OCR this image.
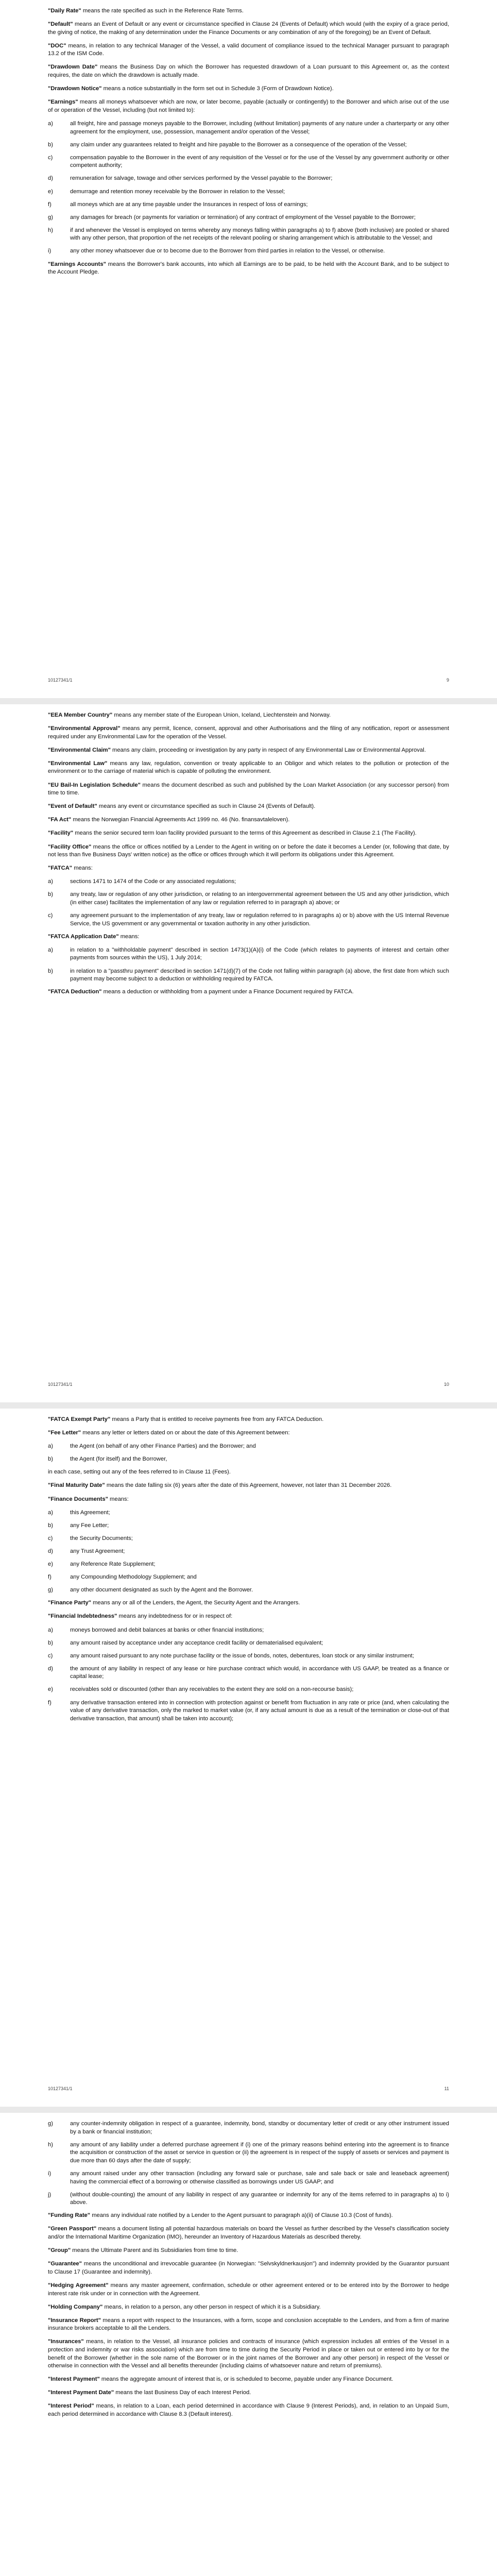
"Daily Rate" means the rate specified as such in the Reference Rate Terms.

"Default" means an Event of Default or any event or circumstance specified in Clause 24 (Events of Default) which would (with the expiry of a grace period, the giving of notice, the making of any determination under the Finance Documents or any combination of any of the foregoing) be an Event of Default.

"DOC" means, in relation to any technical Manager of the Vessel, a valid document of compliance issued to the technical Manager pursuant to paragraph 13.2 of the ISM Code.

"Drawdown Date" means the Business Day on which the Borrower has requested drawdown of a Loan pursuant to this Agreement or, as the context requires, the date on which the drawdown is actually made.

"Drawdown Notice" means a notice substantially in the form set out in Schedule 3 (Form of Drawdown Notice).

"Earnings" means all moneys whatsoever which are now, or later become, payable (actually or contingently) to the Borrower and which arise out of the use of or operation of the Vessel, including (but not limited to):

a)	all freight, hire and passage moneys payable to the Borrower, including (without limitation) payments of any nature under a charterparty or any other agreement for the employment, use, possession, management and/or operation of the Vessel;
b)	any claim under any guarantees related to freight and hire payable to the Borrower as a consequence of the operation of the Vessel;
c)	compensation payable to the Borrower in the event of any requisition of the Vessel or for the use of the Vessel by any government authority or other competent authority;
d)	remuneration for salvage, towage and other services performed by the Vessel payable to the Borrower;
e)	demurrage and retention money receivable by the Borrower in relation to the Vessel;
f)	all moneys which are at any time payable under the Insurances in respect of loss of earnings;
g)	any damages for breach (or payments for variation or termination) of any contract of employment of the Vessel payable to the Borrower;
h)	if and whenever the Vessel is employed on terms whereby any moneys falling within paragraphs a) to f) above (both inclusive) are pooled or shared with any other person, that proportion of the net receipts of the relevant pooling or sharing arrangement which is attributable to the Vessel; and
i)	any other money whatsoever due or to become due to the Borrower from third parties in relation to the Vessel, or otherwise.

"Earnings Accounts" means the Borrower's bank accounts, into which all Earnings are to be paid, to be held with the Account Bank, and to be subject to the Account Pledge.

10127341/1	9

"EEA Member Country" means any member state of the European Union, Iceland, Liechtenstein and Norway.

"Environmental Approval" means any permit, licence, consent, approval and other Authorisations and the filing of any notification, report or assessment required under any Environmental Law for the operation of the Vessel.

"Environmental Claim" means any claim, proceeding or investigation by any party in respect of any Environmental Law or Environmental Approval.

"Environmental Law" means any law, regulation, convention or treaty applicable to an Obligor and which relates to the pollution or protection of the environment or to the carriage of material which is capable of polluting the environment.

"EU Bail-In Legislation Schedule" means the document described as such and published by the Loan Market Association (or any successor person) from time to time.

"Event of Default" means any event or circumstance specified as such in Clause 24 (Events of Default).

"FA Act" means the Norwegian Financial Agreements Act 1999 no. 46 (No. finansavtaleloven).

"Facility" means the senior secured term loan facility provided pursuant to the terms of this Agreement as described in Clause 2.1 (The Facility).

"Facility Office" means the office or offices notified by a Lender to the Agent in writing on or before the date it becomes a Lender (or, following that date, by not less than five Business Days' written notice) as the office or offices through which it will perform its obligations under this Agreement.

"FATCA" means:

a)	sections 1471 to 1474 of the Code or any associated regulations;
b)	any treaty, law or regulation of any other jurisdiction, or relating to an intergovernmental agreement between the US and any other jurisdiction, which (in either case) facilitates the implementation of any law or regulation referred to in paragraph a) above; or
c)	any agreement pursuant to the implementation of any treaty, law or regulation referred to in paragraphs a) or b) above with the US Internal Revenue Service, the US government or any governmental or taxation authority in any other jurisdiction.

"FATCA Application Date" means:

a)	in relation to a "withholdable payment" described in section 1473(1)(A)(i) of the Code (which relates to payments of interest and certain other payments from sources within the US), 1 July 2014;
b)	in relation to a "passthru payment" described in section 1471(d)(7) of the Code not falling within paragraph (a) above, the first date from which such payment may become subject to a deduction or withholding required by FATCA.

"FATCA Deduction" means a deduction or withholding from a payment under a Finance Document required by FATCA.

10127341/1	10

"FATCA Exempt Party" means a Party that is entitled to receive payments free from any FATCA Deduction.

"Fee Letter" means any letter or letters dated on or about the date of this Agreement between:

a)	the Agent (on behalf of any other Finance Parties) and the Borrower; and
b)	the Agent (for itself) and the Borrower,

in each case, setting out any of the fees referred to in Clause 11 (Fees).

"Final Maturity Date" means the date falling six (6) years after the date of this Agreement, however, not later than 31 December 2026.

"Finance Documents" means:

a)	this Agreement;
b)	any Fee Letter;
c)	the Security Documents;
d)	any Trust Agreement;
e)	any Reference Rate Supplement;
f)	any Compounding Methodology Supplement; and
g)	any other document designated as such by the Agent and the Borrower.

"Finance Party" means any or all of the Lenders, the Agent, the Security Agent and the Arrangers.

"Financial Indebtedness" means any indebtedness for or in respect of:

a)	moneys borrowed and debit balances at banks or other financial institutions;
b)	any amount raised by acceptance under any acceptance credit facility or dematerialised equivalent;
c)	any amount raised pursuant to any note purchase facility or the issue of bonds, notes, debentures, loan stock or any similar instrument;
d)	the amount of any liability in respect of any lease or hire purchase contract which would, in accordance with US GAAP, be treated as a finance or capital lease;
e)	receivables sold or discounted (other than any receivables to the extent they are sold on a non-recourse basis);
f)	any derivative transaction entered into in connection with protection against or benefit from fluctuation in any rate or price (and, when calculating the value of any derivative transaction, only the marked to market value (or, if any actual amount is due as a result of the termination or close-out of that derivative transaction, that amount) shall be taken into account);
10127341/1	11
g)	any counter-indemnity obligation in respect of a guarantee, indemnity, bond, standby or documentary letter of credit or any other instrument issued by a bank or financial institution;
h)	any amount of any liability under a deferred purchase agreement if (i) one of the primary reasons behind entering into the agreement is to finance the acquisition or construction of the asset or service in question or (ii) the agreement is in respect of the supply of assets or services and payment is due more than 60 days after the date of supply;
i)	any amount raised under any other transaction (including any forward sale or purchase, sale and sale back or sale and leaseback agreement) having the commercial effect of a borrowing or otherwise classified as borrowings under US GAAP; and
j)	(without double-counting) the amount of any liability in respect of any guarantee or indemnity for any of the items referred to in paragraphs a) to i) above.

"Funding Rate" means any individual rate notified by a Lender to the Agent pursuant to paragraph a)(ii) of Clause 10.3 (Cost of funds).

"Green Passport" means a document listing all potential hazardous materials on board the Vessel as further described by the Vessel's classification society and/or the International Maritime Organization (IMO), hereunder an Inventory of Hazardous Materials as described thereby.

"Group" means the Ultimate Parent and its Subsidiaries from time to time.

"Guarantee" means the unconditional and irrevocable guarantee (in Norwegian: "Selvskyldnerkausjon") and indemnity provided by the Guarantor pursuant to Clause 17 (Guarantee and indemnity).

"Hedging Agreement" means any master agreement, confirmation, schedule or other agreement entered or to be entered into by the Borrower to hedge interest rate risk under or in connection with the Agreement.

"Holding Company" means, in relation to a person, any other person in respect of which it is a Subsidiary.

"Insurance Report" means a report with respect to the Insurances, with a form, scope and conclusion acceptable to the Lenders, and from a firm of marine insurance brokers acceptable to all the Lenders.

"Insurances" means, in relation to the Vessel, all insurance policies and contracts of insurance (which expression includes all entries of the Vessel in a protection and indemnity or war risks association) which are from time to time during the Security Period in place or taken out or entered into by or for the benefit of the Borrower (whether in the sole name of the Borrower or in the joint names of the Borrower and any other person) in respect of the Vessel or otherwise in connection with the Vessel and all benefits thereunder (including claims of whatsoever nature and return of premiums).

"Interest Payment" means the aggregate amount of interest that is, or is scheduled to become, payable under any Finance Document.

"Interest Payment Date" means the last Business Day of each Interest Period.

"Interest Period" means, in relation to a Loan, each period determined in accordance with Clause 9 (Interest Periods), and, in relation to an Unpaid Sum, each period determined in accordance with Clause 8.3 (Default interest).
